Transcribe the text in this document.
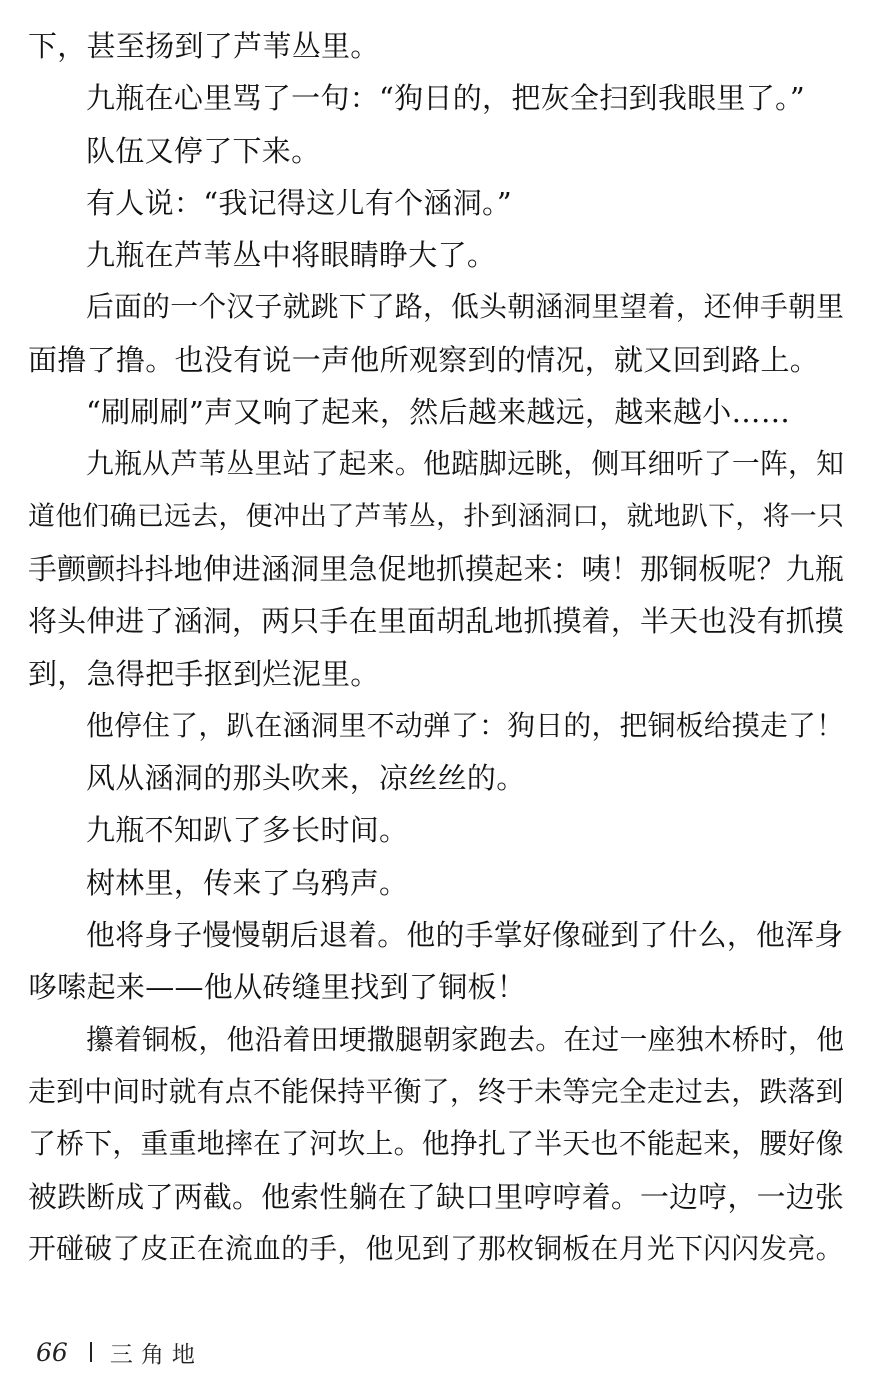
下，甚至扬到了芦苇丛里。
九瓶在心里骂了一句：“狗日的，把灰全扫到我眼里了。”
队伍又停了下来。
有人说：“我记得这儿有个涵洞。”
九瓶在芦苇丛中将眼睛睁大了。
后面的一个汉子就跳下了路，低头朝涵洞里望着，还伸手朝里
面撸了撸。也没有说一声他所观察到的情况，就又回到路上。
“刷刷刷”声又响了起来，然后越来越远，越来越小……
九瓶从芦苇丛里站了起来。他踮脚远眺，侧耳细听了一阵，知
道他们确已远去，便冲出了芦苇丛，扑到涵洞口，就地趴下，将一只
手颤颤抖抖地伸进涵洞里急促地抓摸起来：咦！那铜板呢？九瓶
将头伸进了涵洞，两只手在里面胡乱地抓摸着，半天也没有抓摸
到，急得把手抠到烂泥里。
他停住了，趴在涵洞里不动弹了：狗日的，把铜板给摸走了！
风从涵洞的那头吹来，凉丝丝的。
九瓶不知趴了多长时间。
树林里，传来了乌鸦声。
他将身子慢慢朝后退着。他的手掌好像碰到了什么，他浑身
哆嗦起来——他从砖缝里找到了铜板！
攥着铜板，他沿着田埂撒腿朝家跑去。在过一座独木桥时，他
走到中间时就有点不能保持平衡了，终于未等完全走过去，跌落到
了桥下，重重地摔在了河坎上。他挣扎了半天也不能起来，腰好像
被跌断成了两截。他索性躺在了缺口里哼哼着。一边哼，一边张
开碰破了皮正在流血的手，他见到了那枚铜板在月光下闪闪发亮。
66 三角地
